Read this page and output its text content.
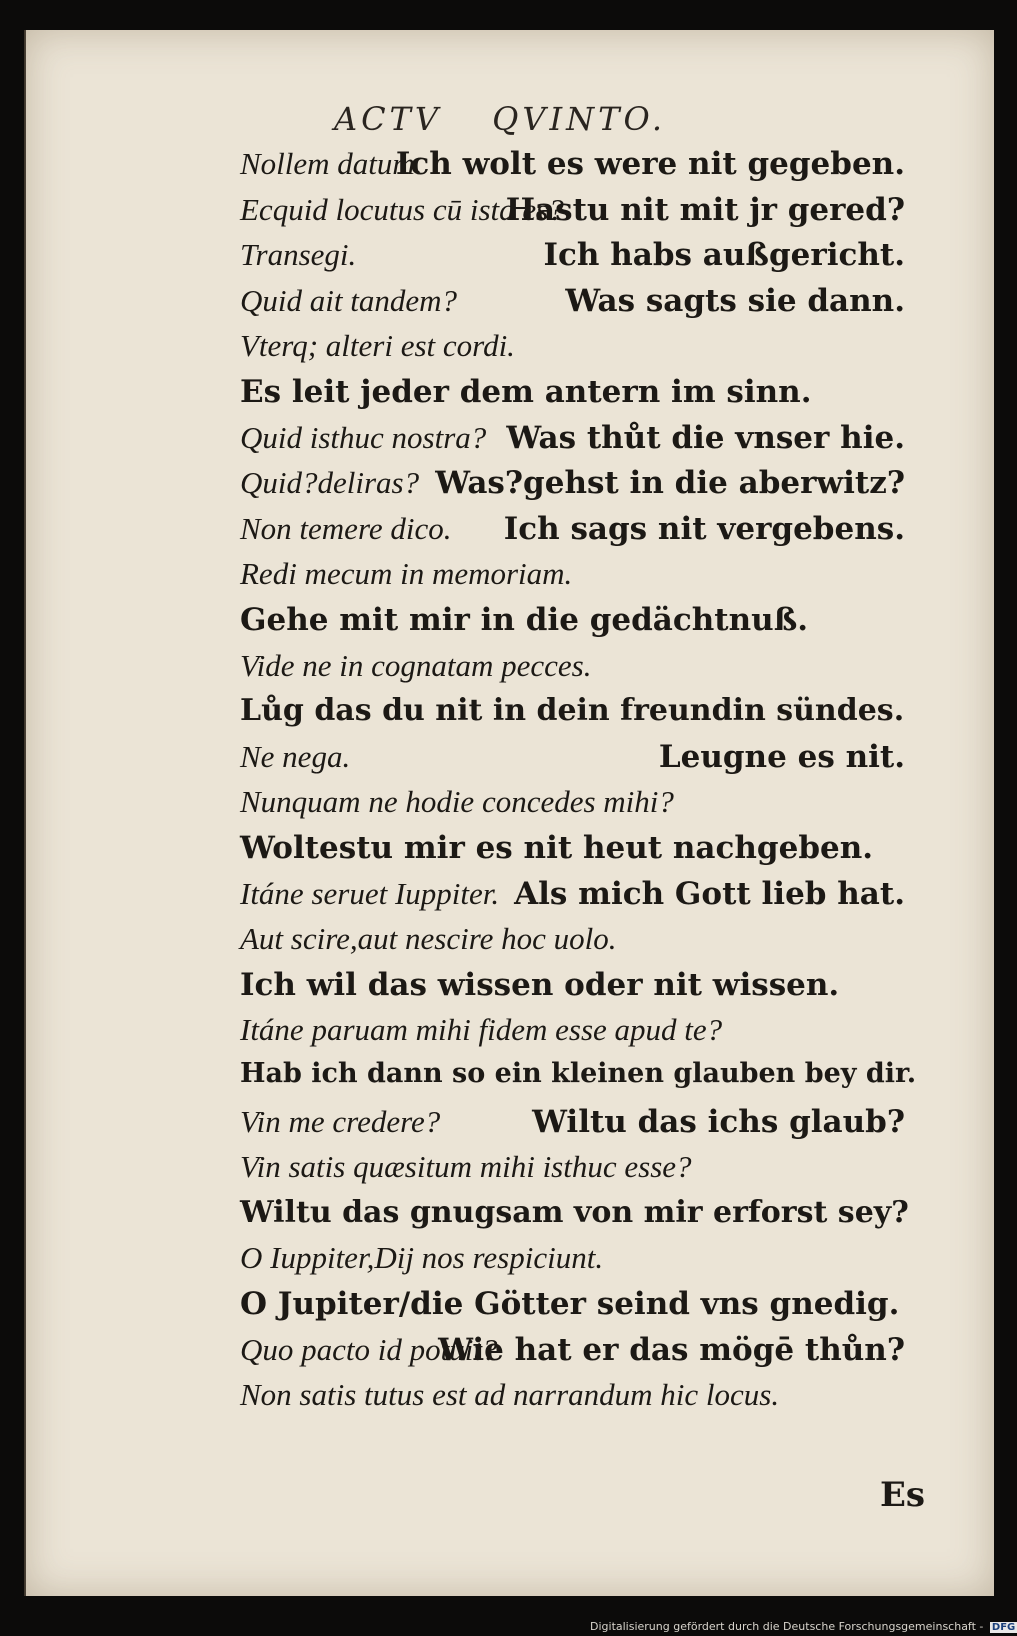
ACTV QVINTO.
Nollem datum.
Ich wolt es were nit gegeben.
Ecquid locutus cū ista es?
Hastu nit mit jr gered?
Transegi.	Ich habs außgericht.
Quid ait tandem?	Was sagts sie dann.
Vterq; alteri est cordi.
Es leit jeder dem antern im sinn.
Quid isthuc nostra? Was thůt die vnser hie.
Quid?deliras? Was?gehst in die aberwitz?
Non temere dico. Ich sags nit vergebens.
Redi mecum in memoriam.
Gehe mit mir in die gedächtnuß.
Vide ne in cognatam pecces.
Lůg das du nit in dein freundin sündes.
Ne nega.	Leugne es nit.
Nunquam ne hodie concedes mihi?
Woltestu mir es nit heut nachgeben.
Itáne seruet Iuppiter. Als mich Gott lieb hat.
Aut scire,aut nescire hoc uolo.
Ich wil das wissen oder nit wissen.
Itáne paruam mihi fidem esse apud te?
Hab ich dann so ein kleinen glauben bey dir.
Vin me credere?	Wiltu das ichs glaub?
Vin satis quæsitum mihi isthuc esse?
Wiltu das gnugsam von mir erforst sey?
O Iuppiter,Dij nos respiciunt.
O Jupiter/die Götter seind vns gnedig.
Quo pacto id potuit?
Wie hat er das mögē thůn?
Non satis tutus est ad narrandum hic locus.
Es
Digitalisierung gefördert durch die Deutsche Forschungsgemeinschaft - DFG
